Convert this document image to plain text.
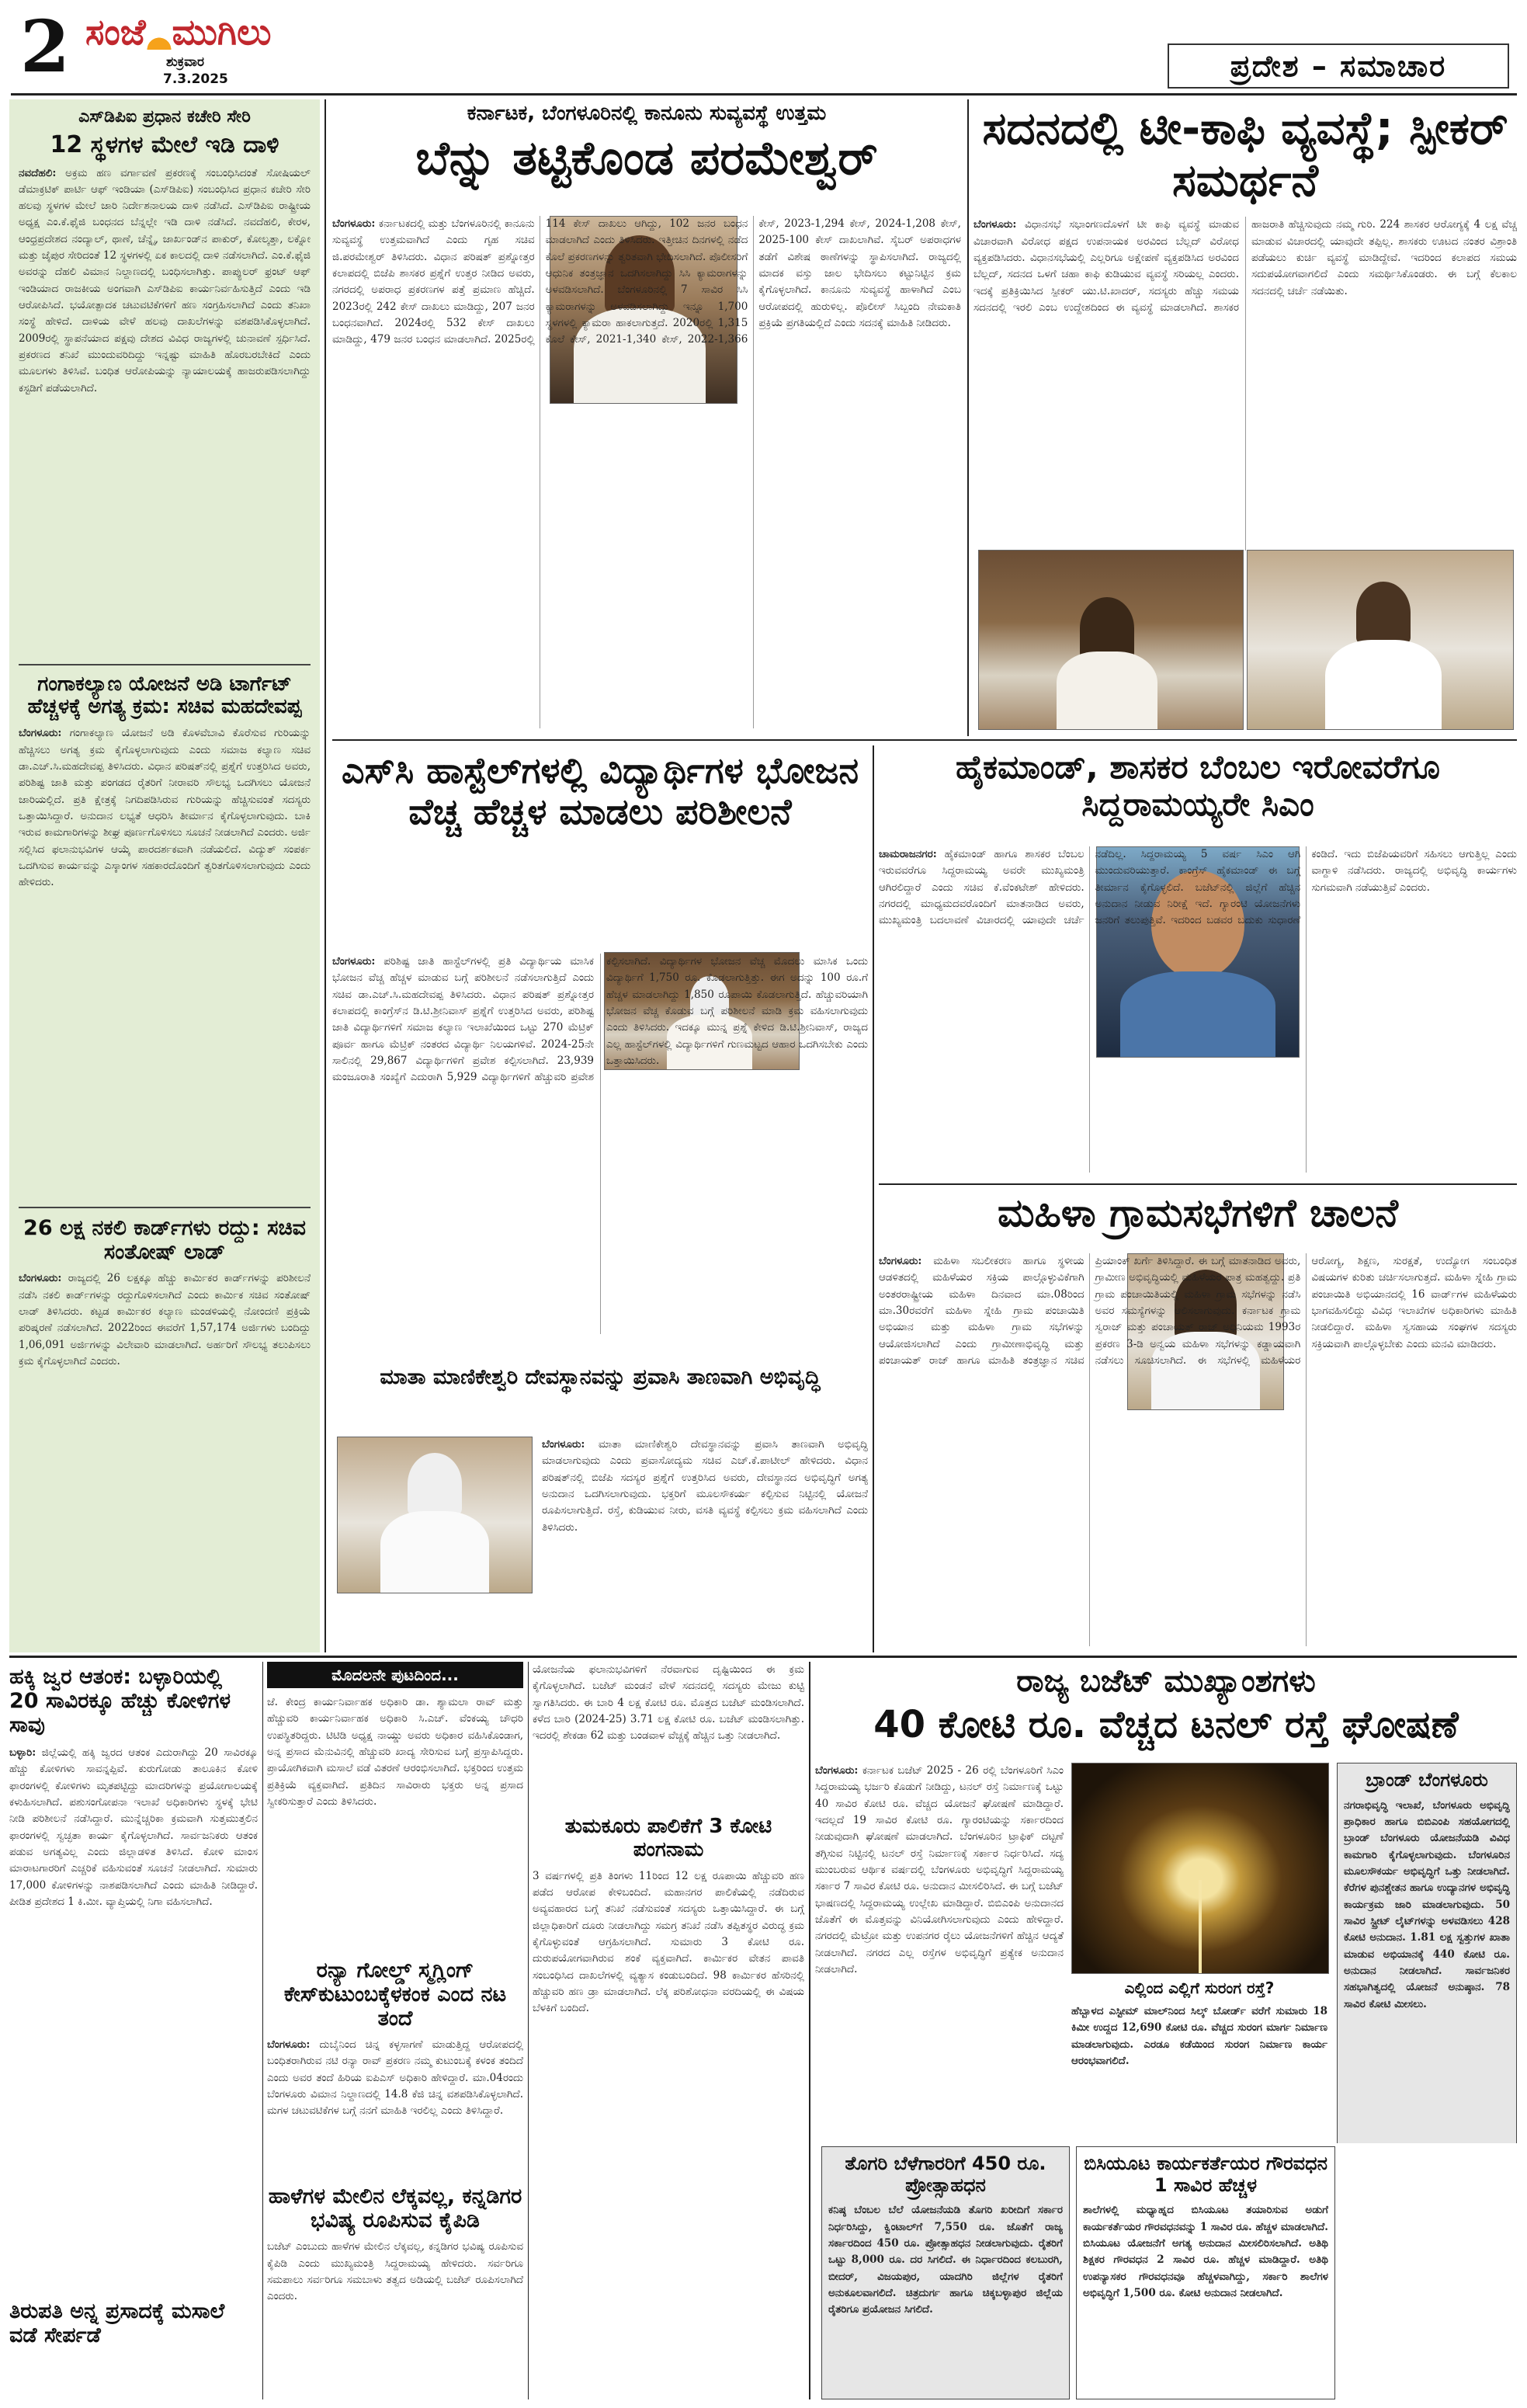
2 ಸಂಜೆ ಮುಗಿಲು
ಶುಕ್ರವಾರ
7.3.2025	ಪ್ರದೇಶ – ಸಮಾಚಾರ
ಎಸ್‌ಡಿಪಿಐ ಪ್ರಧಾನ ಕಚೇರಿ ಸೇರಿ
12 ಸ್ಥಳಗಳ ಮೇಲೆ ಇಡಿ ದಾಳಿ
ನವದೆಹಲಿ: ಅಕ್ರಮ ಹಣ ವರ್ಗಾವಣೆ ಪ್ರಕರಣಕ್ಕೆ ಸಂಬಂಧಿಸಿದಂತೆ ಸೋಷಿಯಲ್ ಡೆಮಾಕ್ರಟಿಕ್ ಪಾರ್ಟಿ ಆಫ್ ಇಂಡಿಯಾ (ಎಸ್‌ಡಿಪಿಐ) ಸಂಬಂಧಿಸಿದ ಪ್ರಧಾನ ಕಚೇರಿ ಸೇರಿ ಹಲವು ಸ್ಥಳಗಳ ಮೇಲೆ ಜಾರಿ ನಿರ್ದೇಶನಾಲಯ ದಾಳಿ ನಡೆಸಿದೆ. ಎಸ್‌ಡಿಪಿಐ ರಾಷ್ಟ್ರೀಯ ಅಧ್ಯಕ್ಷ ಎಂ.ಕೆ.ಫೈಜಿ ಬಂಧನದ ಬೆನ್ನಲ್ಲೇ ಇಡಿ ದಾಳಿ ನಡೆಸಿದೆ. ನವದೆಹಲಿ, ಕೇರಳ, ಆಂಧ್ರಪ್ರದೇಶದ ನಂದ್ಯಾಲ್, ಥಾಣೆ, ಚೆನ್ನೈ, ಜಾರ್ಖಂಡ್‌ನ ಪಾಕುರ್, ಕೋಲ್ಕತ್ತಾ, ಲಕ್ನೋ ಮತ್ತು ಜೈಪುರ ಸೇರಿದಂತೆ 12 ಸ್ಥಳಗಳಲ್ಲಿ ಏಕ ಕಾಲದಲ್ಲಿ ದಾಳಿ ನಡೆಸಲಾಗಿದೆ. ಎಂ.ಕೆ.ಫೈಜಿ ಅವರನ್ನು ದೆಹಲಿ ವಿಮಾನ ನಿಲ್ದಾಣದಲ್ಲಿ ಬಂಧಿಸಲಾಗಿತ್ತು. ಪಾಪ್ಯುಲರ್ ಫ್ರಂಟ್ ಆಫ್ ಇಂಡಿಯಾದ ರಾಜಕೀಯ ಅಂಗವಾಗಿ ಎಸ್‌ಡಿಪಿಐ ಕಾರ್ಯನಿರ್ವಹಿಸುತ್ತಿದೆ ಎಂದು ಇಡಿ ಆರೋಪಿಸಿದೆ. ಭಯೋತ್ಪಾದಕ ಚಟುವಟಿಕೆಗಳಿಗೆ ಹಣ ಸಂಗ್ರಹಿಸಲಾಗಿದೆ ಎಂದು ತನಿಖಾ ಸಂಸ್ಥೆ ಹೇಳಿದೆ. ದಾಳಿಯ ವೇಳೆ ಹಲವು ದಾಖಲೆಗಳನ್ನು ವಶಪಡಿಸಿಕೊಳ್ಳಲಾಗಿದೆ. 2009ರಲ್ಲಿ ಸ್ಥಾಪನೆಯಾದ ಪಕ್ಷವು ದೇಶದ ವಿವಿಧ ರಾಜ್ಯಗಳಲ್ಲಿ ಚುನಾವಣೆ ಸ್ಪರ್ಧಿಸಿದೆ. ಪ್ರಕರಣದ ತನಿಖೆ ಮುಂದುವರಿದಿದ್ದು ಇನ್ನಷ್ಟು ಮಾಹಿತಿ ಹೊರಬರಬೇಕಿದೆ ಎಂದು ಮೂಲಗಳು ತಿಳಿಸಿವೆ. ಬಂಧಿತ ಆರೋಪಿಯನ್ನು ನ್ಯಾಯಾಲಯಕ್ಕೆ ಹಾಜರುಪಡಿಸಲಾಗಿದ್ದು ಕಸ್ಟಡಿಗೆ ಪಡೆಯಲಾಗಿದೆ.
ಗಂಗಾಕಲ್ಯಾಣ ಯೋಜನೆ ಅಡಿ ಟಾರ್ಗೆಟ್ ಹೆಚ್ಚಳಕ್ಕೆ ಅಗತ್ಯ ಕ್ರಮ: ಸಚಿವ ಮಹದೇವಪ್ಪ
ಬೆಂಗಳೂರು: ಗಂಗಾಕಲ್ಯಾಣ ಯೋಜನೆ ಅಡಿ ಕೊಳವೆಬಾವಿ ಕೊರೆಸುವ ಗುರಿಯನ್ನು ಹೆಚ್ಚಿಸಲು ಅಗತ್ಯ ಕ್ರಮ ಕೈಗೊಳ್ಳಲಾಗುವುದು ಎಂದು ಸಮಾಜ ಕಲ್ಯಾಣ ಸಚಿವ ಡಾ.ಎಚ್.ಸಿ.ಮಹದೇವಪ್ಪ ತಿಳಿಸಿದರು. ವಿಧಾನ ಪರಿಷತ್‌ನಲ್ಲಿ ಪ್ರಶ್ನೆಗೆ ಉತ್ತರಿಸಿದ ಅವರು, ಪರಿಶಿಷ್ಟ ಜಾತಿ ಮತ್ತು ಪಂಗಡದ ರೈತರಿಗೆ ನೀರಾವರಿ ಸೌಲಭ್ಯ ಒದಗಿಸಲು ಯೋಜನೆ ಜಾರಿಯಲ್ಲಿದೆ. ಪ್ರತಿ ಕ್ಷೇತ್ರಕ್ಕೆ ನಿಗದಿಪಡಿಸಿರುವ ಗುರಿಯನ್ನು ಹೆಚ್ಚಿಸುವಂತೆ ಸದಸ್ಯರು ಒತ್ತಾಯಿಸಿದ್ದಾರೆ. ಅನುದಾನ ಲಭ್ಯತೆ ಆಧರಿಸಿ ತೀರ್ಮಾನ ಕೈಗೊಳ್ಳಲಾಗುವುದು. ಬಾಕಿ ಇರುವ ಕಾಮಗಾರಿಗಳನ್ನು ಶೀಘ್ರ ಪೂರ್ಣಗೊಳಿಸಲು ಸೂಚನೆ ನೀಡಲಾಗಿದೆ ಎಂದರು. ಅರ್ಜಿ ಸಲ್ಲಿಸಿದ ಫಲಾನುಭವಿಗಳ ಆಯ್ಕೆ ಪಾರದರ್ಶಕವಾಗಿ ನಡೆಯಲಿದೆ. ವಿದ್ಯುತ್ ಸಂಪರ್ಕ ಒದಗಿಸುವ ಕಾರ್ಯವನ್ನು ಎಸ್ಕಾಂಗಳ ಸಹಕಾರದೊಂದಿಗೆ ತ್ವರಿತಗೊಳಿಸಲಾಗುವುದು ಎಂದು ಹೇಳಿದರು.
26 ಲಕ್ಷ ನಕಲಿ ಕಾರ್ಡ್‌ಗಳು ರದ್ದು: ಸಚಿವ ಸಂತೋಷ್ ಲಾಡ್
ಬೆಂಗಳೂರು: ರಾಜ್ಯದಲ್ಲಿ 26 ಲಕ್ಷಕ್ಕೂ ಹೆಚ್ಚು ಕಾರ್ಮಿಕರ ಕಾರ್ಡ್‌ಗಳನ್ನು ಪರಿಶೀಲನೆ ನಡೆಸಿ ನಕಲಿ ಕಾರ್ಡ್‌ಗಳನ್ನು ರದ್ದುಗೊಳಿಸಲಾಗಿದೆ ಎಂದು ಕಾರ್ಮಿಕ ಸಚಿವ ಸಂತೋಷ್ ಲಾಡ್ ತಿಳಿಸಿದರು. ಕಟ್ಟಡ ಕಾರ್ಮಿಕರ ಕಲ್ಯಾಣ ಮಂಡಳಿಯಲ್ಲಿ ನೋಂದಣಿ ಪ್ರಕ್ರಿಯೆ ಪರಿಷ್ಕರಣೆ ನಡೆಸಲಾಗಿದೆ. 2022ರಿಂದ ಈವರೆಗೆ 1,57,174 ಅರ್ಜಿಗಳು ಬಂದಿದ್ದು 1,06,091 ಅರ್ಜಿಗಳನ್ನು ವಿಲೇವಾರಿ ಮಾಡಲಾಗಿದೆ. ಅರ್ಹರಿಗೆ ಸೌಲಭ್ಯ ತಲುಪಿಸಲು ಕ್ರಮ ಕೈಗೊಳ್ಳಲಾಗಿದೆ ಎಂದರು.
ಕರ್ನಾಟಕ, ಬೆಂಗಳೂರಿನಲ್ಲಿ ಕಾನೂನು ಸುವ್ಯವಸ್ಥೆ ಉತ್ತಮ
ಬೆನ್ನು ತಟ್ಟಿಕೊಂಡ ಪರಮೇಶ್ವರ್
ಬೆಂಗಳೂರು: ಕರ್ನಾಟಕದಲ್ಲಿ ಮತ್ತು ಬೆಂಗಳೂರಿನಲ್ಲಿ ಕಾನೂನು ಸುವ್ಯವಸ್ಥೆ ಉತ್ತಮವಾಗಿದೆ ಎಂದು ಗೃಹ ಸಚಿವ ಜಿ.ಪರಮೇಶ್ವರ್ ತಿಳಿಸಿದರು. ವಿಧಾನ ಪರಿಷತ್ ಪ್ರಶ್ನೋತ್ತರ ಕಲಾಪದಲ್ಲಿ ಬಿಜೆಪಿ ಶಾಸಕರ ಪ್ರಶ್ನೆಗೆ ಉತ್ತರ ನೀಡಿದ ಅವರು, ನಗರದಲ್ಲಿ ಅಪರಾಧ ಪ್ರಕರಣಗಳ ಪತ್ತೆ ಪ್ರಮಾಣ ಹೆಚ್ಚಿದೆ. 2023ರಲ್ಲಿ 242 ಕೇಸ್ ದಾಖಲು ಮಾಡಿದ್ದು, 207 ಜನರ ಬಂಧನವಾಗಿದೆ. 2024ರಲ್ಲಿ 532 ಕೇಸ್ ದಾಖಲು ಮಾಡಿದ್ದು, 479 ಜನರ ಬಂಧನ ಮಾಡಲಾಗಿದೆ. 2025ರಲ್ಲಿ 114 ಕೇಸ್ ದಾಖಲು ಆಗಿದ್ದು, 102 ಜನರ ಬಂಧನ ಮಾಡಲಾಗಿದೆ ಎಂದು ತಿಳಿಸಿದರು. ಇತ್ತೀಚಿನ ದಿನಗಳಲ್ಲಿ ನಡೆದ ಕೊಲೆ ಪ್ರಕರಣಗಳನ್ನು ತ್ವರಿತವಾಗಿ ಭೇದಿಸಲಾಗಿದೆ. ಪೊಲೀಸರಿಗೆ ಆಧುನಿಕ ತಂತ್ರಜ್ಞಾನ ಒದಗಿಸಲಾಗಿದ್ದು ಸಿಸಿ ಕ್ಯಾಮರಾಗಳನ್ನು ಅಳವಡಿಸಲಾಗಿದೆ. ಬೆಂಗಳೂರಿನಲ್ಲಿ 7 ಸಾವಿರ ಸಿಸಿ ಕ್ಯಾಮರಾಗಳನ್ನು ಅಳವಡಿಸಲಾಗಿದ್ದು ಇನ್ನೂ 1,700 ಸ್ಥಳಗಳಲ್ಲಿ ಕ್ಯಾಮರಾ ಹಾಕಲಾಗುತ್ತದೆ. 2020ರಲ್ಲಿ 1,315 ಕೊಲೆ ಕೇಸ್, 2021-1,340 ಕೇಸ್, 2022-1,366 ಕೇಸ್, 2023-1,294 ಕೇಸ್, 2024-1,208 ಕೇಸ್, 2025-100 ಕೇಸ್ ದಾಖಲಾಗಿವೆ. ಸೈಬರ್ ಅಪರಾಧಗಳ ತಡೆಗೆ ವಿಶೇಷ ಠಾಣೆಗಳನ್ನು ಸ್ಥಾಪಿಸಲಾಗಿದೆ. ರಾಜ್ಯದಲ್ಲಿ ಮಾದಕ ವಸ್ತು ಜಾಲ ಭೇದಿಸಲು ಕಟ್ಟುನಿಟ್ಟಿನ ಕ್ರಮ ಕೈಗೊಳ್ಳಲಾಗಿದೆ. ಕಾನೂನು ಸುವ್ಯವಸ್ಥೆ ಹಾಳಾಗಿದೆ ಎಂಬ ಆರೋಪದಲ್ಲಿ ಹುರುಳಿಲ್ಲ. ಪೊಲೀಸ್ ಸಿಬ್ಬಂದಿ ನೇಮಕಾತಿ ಪ್ರಕ್ರಿಯೆ ಪ್ರಗತಿಯಲ್ಲಿದೆ ಎಂದು ಸದನಕ್ಕೆ ಮಾಹಿತಿ ನೀಡಿದರು.
ಸದನದಲ್ಲಿ ಟೀ-ಕಾಫಿ ವ್ಯವಸ್ಥೆ; ಸ್ಪೀಕರ್ ಸಮರ್ಥನೆ
ಬೆಂಗಳೂರು: ವಿಧಾನಸಭೆ ಸಭಾಂಗಣದೊಳಗೆ ಟೀ ಕಾಫಿ ವ್ಯವಸ್ಥೆ ಮಾಡುವ ವಿಚಾರವಾಗಿ ವಿರೋಧ ಪಕ್ಷದ ಉಪನಾಯಕ ಅರವಿಂದ ಬೆಲ್ಲದ್ ವಿರೋಧ ವ್ಯಕ್ತಪಡಿಸಿದರು. ವಿಧಾನಸಭೆಯಲ್ಲಿ ಎಲ್ಲರಿಗೂ ಅಕ್ಷೇಪಣೆ ವ್ಯಕ್ತಪಡಿಸಿದ ಅರವಿಂದ ಬೆಲ್ಲದ್, ಸದನದ ಒಳಗೆ ಚಹಾ ಕಾಫಿ ಕುಡಿಯುವ ವ್ಯವಸ್ಥೆ ಸರಿಯಲ್ಲ ಎಂದರು. ಇದಕ್ಕೆ ಪ್ರತಿಕ್ರಿಯಿಸಿದ ಸ್ಪೀಕರ್ ಯು.ಟಿ.ಖಾದರ್, ಸದಸ್ಯರು ಹೆಚ್ಚು ಸಮಯ ಸದನದಲ್ಲಿ ಇರಲಿ ಎಂಬ ಉದ್ದೇಶದಿಂದ ಈ ವ್ಯವಸ್ಥೆ ಮಾಡಲಾಗಿದೆ. ಶಾಸಕರ ಹಾಜರಾತಿ ಹೆಚ್ಚಿಸುವುದು ನಮ್ಮ ಗುರಿ. 224 ಶಾಸಕರ ಆರೋಗ್ಯಕ್ಕೆ 4 ಲಕ್ಷ ವೆಚ್ಚ ಮಾಡುವ ವಿಚಾರದಲ್ಲಿ ಯಾವುದೇ ತಪ್ಪಿಲ್ಲ. ಶಾಸಕರು ಊಟದ ನಂತರ ವಿಶ್ರಾಂತಿ ಪಡೆಯಲು ಕುರ್ಚಿ ವ್ಯವಸ್ಥೆ ಮಾಡಿದ್ದೇವೆ. ಇದರಿಂದ ಕಲಾಪದ ಸಮಯ ಸದುಪಯೋಗವಾಗಲಿದೆ ಎಂದು ಸಮರ್ಥಿಸಿಕೊಂಡರು. ಈ ಬಗ್ಗೆ ಕೆಲಕಾಲ ಸದನದಲ್ಲಿ ಚರ್ಚೆ ನಡೆಯಿತು.
ಎಸ್‌ಸಿ ಹಾಸ್ಟೆಲ್‌ಗಳಲ್ಲಿ ವಿದ್ಯಾರ್ಥಿಗಳ ಭೋಜನ ವೆಚ್ಚ ಹೆಚ್ಚಳ ಮಾಡಲು ಪರಿಶೀಲನೆ
ಬೆಂಗಳೂರು: ಪರಿಶಿಷ್ಟ ಜಾತಿ ಹಾಸ್ಟೆಲ್‌ಗಳಲ್ಲಿ ಪ್ರತಿ ವಿದ್ಯಾರ್ಥಿಯ ಮಾಸಿಕ ಭೋಜನ ವೆಚ್ಚ ಹೆಚ್ಚಳ ಮಾಡುವ ಬಗ್ಗೆ ಪರಿಶೀಲನೆ ನಡೆಸಲಾಗುತ್ತಿದೆ ಎಂದು ಸಚಿವ ಡಾ.ಎಚ್.ಸಿ.ಮಹದೇವಪ್ಪ ತಿಳಿಸಿದರು. ವಿಧಾನ ಪರಿಷತ್ ಪ್ರಶ್ನೋತ್ತರ ಕಲಾಪದಲ್ಲಿ ಕಾಂಗ್ರೆಸ್‌ನ ಡಿ.ಟಿ.ಶ್ರೀನಿವಾಸ್ ಪ್ರಶ್ನೆಗೆ ಉತ್ತರಿಸಿದ ಅವರು, ಪರಿಶಿಷ್ಟ ಜಾತಿ ವಿದ್ಯಾರ್ಥಿಗಳಿಗೆ ಸಮಾಜ ಕಲ್ಯಾಣ ಇಲಾಖೆಯಿಂದ ಒಟ್ಟು 270 ಮೆಟ್ರಿಕ್ ಪೂರ್ವ ಹಾಗೂ ಮೆಟ್ರಿಕ್ ನಂತರದ ವಿದ್ಯಾರ್ಥಿ ನಿಲಯಗಳಿವೆ. 2024-25ನೇ ಸಾಲಿನಲ್ಲಿ 29,867 ವಿದ್ಯಾರ್ಥಿಗಳಿಗೆ ಪ್ರವೇಶ ಕಲ್ಪಿಸಲಾಗಿದೆ. 23,939 ಮಂಜೂರಾತಿ ಸಂಖ್ಯೆಗೆ ಎದುರಾಗಿ 5,929 ವಿದ್ಯಾರ್ಥಿಗಳಿಗೆ ಹೆಚ್ಚುವರಿ ಪ್ರವೇಶ ಕಲ್ಪಿಸಲಾಗಿದೆ. ವಿದ್ಯಾರ್ಥಿಗಳ ಭೋಜನ ವೆಚ್ಚ ಮೊದಲು ಮಾಸಿಕ ಒಂದು ವಿದ್ಯಾರ್ಥಿಗೆ 1,750 ರೂ. ಕೊಡಲಾಗುತ್ತಿತ್ತು. ಈಗ ಅದನ್ನು 100 ರೂ.ಗೆ ಹೆಚ್ಚಳ ಮಾಡಲಾಗಿದ್ದು 1,850 ರೂಪಾಯಿ ಕೊಡಲಾಗುತ್ತಿದೆ. ಹೆಚ್ಚುವರಿಯಾಗಿ ಭೋಜನ ವೆಚ್ಚ ಕೊಡುವ ಬಗ್ಗೆ ಪರಿಶೀಲನೆ ಮಾಡಿ ಕ್ರಮ ವಹಿಸಲಾಗುವುದು ಎಂದು ತಿಳಿಸಿದರು. ಇದಕ್ಕೂ ಮುನ್ನ ಪ್ರಶ್ನೆ ಕೇಳಿದ ಡಿ.ಟಿ.ಶ್ರೀನಿವಾಸ್, ರಾಜ್ಯದ ಎಲ್ಲ ಹಾಸ್ಟೆಲ್‌ಗಳಲ್ಲಿ ವಿದ್ಯಾರ್ಥಿಗಳಿಗೆ ಗುಣಮಟ್ಟದ ಆಹಾರ ಒದಗಿಸಬೇಕು ಎಂದು ಒತ್ತಾಯಿಸಿದರು.
ಮಾತಾ ಮಾಣಿಕೇಶ್ವರಿ ದೇವಸ್ಥಾನವನ್ನು ಪ್ರವಾಸಿ ತಾಣವಾಗಿ ಅಭಿವೃದ್ಧಿ
ಬೆಂಗಳೂರು: ಮಾತಾ ಮಾಣಿಕೇಶ್ವರಿ ದೇವಸ್ಥಾನವನ್ನು ಪ್ರವಾಸಿ ತಾಣವಾಗಿ ಅಭಿವೃದ್ಧಿ ಮಾಡಲಾಗುವುದು ಎಂದು ಪ್ರವಾಸೋದ್ಯಮ ಸಚಿವ ಎಚ್.ಕೆ.ಪಾಟೀಲ್ ಹೇಳಿದರು. ವಿಧಾನ ಪರಿಷತ್‌ನಲ್ಲಿ ಬಿಜೆಪಿ ಸದಸ್ಯರ ಪ್ರಶ್ನೆಗೆ ಉತ್ತರಿಸಿದ ಅವರು, ದೇವಸ್ಥಾನದ ಅಭಿವೃದ್ಧಿಗೆ ಅಗತ್ಯ ಅನುದಾನ ಒದಗಿಸಲಾಗುವುದು. ಭಕ್ತರಿಗೆ ಮೂಲಸೌಕರ್ಯ ಕಲ್ಪಿಸುವ ನಿಟ್ಟಿನಲ್ಲಿ ಯೋಜನೆ ರೂಪಿಸಲಾಗುತ್ತಿದೆ. ರಸ್ತೆ, ಕುಡಿಯುವ ನೀರು, ವಸತಿ ವ್ಯವಸ್ಥೆ ಕಲ್ಪಿಸಲು ಕ್ರಮ ವಹಿಸಲಾಗಿದೆ ಎಂದು ತಿಳಿಸಿದರು.
ಹೈಕಮಾಂಡ್, ಶಾಸಕರ ಬೆಂಬಲ ಇರೋವರೆಗೂ ಸಿದ್ದರಾಮಯ್ಯರೇ ಸಿಎಂ
ಚಾಮರಾಜನಗರ: ಹೈಕಮಾಂಡ್ ಹಾಗೂ ಶಾಸಕರ ಬೆಂಬಲ ಇರುವವರೆಗೂ ಸಿದ್ದರಾಮಯ್ಯ ಅವರೇ ಮುಖ್ಯಮಂತ್ರಿ ಆಗಿರಲಿದ್ದಾರೆ ಎಂದು ಸಚಿವ ಕೆ.ವೆಂಕಟೇಶ್ ಹೇಳಿದರು. ನಗರದಲ್ಲಿ ಮಾಧ್ಯಮದವರೊಂದಿಗೆ ಮಾತನಾಡಿದ ಅವರು, ಮುಖ್ಯಮಂತ್ರಿ ಬದಲಾವಣೆ ವಿಚಾರದಲ್ಲಿ ಯಾವುದೇ ಚರ್ಚೆ ನಡೆದಿಲ್ಲ. ಸಿದ್ದರಾಮಯ್ಯ 5 ವರ್ಷ ಸಿಎಂ ಆಗಿ ಮುಂದುವರಿಯುತ್ತಾರೆ. ಕಾಂಗ್ರೆಸ್ ಹೈಕಮಾಂಡ್ ಈ ಬಗ್ಗೆ ತೀರ್ಮಾನ ಕೈಗೊಳ್ಳಲಿದೆ. ಬಜೆಟ್‌ನಲ್ಲಿ ಜಿಲ್ಲೆಗೆ ಹೆಚ್ಚಿನ ಅನುದಾನ ನೀಡುವ ನಿರೀಕ್ಷೆ ಇದೆ. ಗ್ಯಾರಂಟಿ ಯೋಜನೆಗಳು ಜನರಿಗೆ ತಲುಪುತ್ತಿವೆ. ಇದರಿಂದ ಬಡವರ ಬದುಕು ಸುಧಾರಣೆ ಕಂಡಿದೆ. ಇದು ಬಿಜೆಪಿಯವರಿಗೆ ಸಹಿಸಲು ಆಗುತ್ತಿಲ್ಲ ಎಂದು ವಾಗ್ದಾಳಿ ನಡೆಸಿದರು. ರಾಜ್ಯದಲ್ಲಿ ಅಭಿವೃದ್ಧಿ ಕಾರ್ಯಗಳು ಸುಗಮವಾಗಿ ನಡೆಯುತ್ತಿವೆ ಎಂದರು.
ಮಹಿಳಾ ಗ್ರಾಮಸಭೆಗಳಿಗೆ ಚಾಲನೆ
ಬೆಂಗಳೂರು: ಮಹಿಳಾ ಸಬಲೀಕರಣ ಹಾಗೂ ಸ್ಥಳೀಯ ಆಡಳಿತದಲ್ಲಿ ಮಹಿಳೆಯರ ಸಕ್ರಿಯ ಪಾಲ್ಗೊಳ್ಳುವಿಕೆಗಾಗಿ ಅಂತರರಾಷ್ಟ್ರೀಯ ಮಹಿಳಾ ದಿನವಾದ ಮಾ.08ರಿಂದ ಮಾ.30ರವರೆಗೆ ಮಹಿಳಾ ಸ್ನೇಹಿ ಗ್ರಾಮ ಪಂಚಾಯಿತಿ ಅಭಿಯಾನ ಮತ್ತು ಮಹಿಳಾ ಗ್ರಾಮ ಸಭೆಗಳನ್ನು ಆಯೋಜಿಸಲಾಗಿದೆ ಎಂದು ಗ್ರಾಮೀಣಾಭಿವೃದ್ಧಿ ಮತ್ತು ಪಂಚಾಯತ್ ರಾಜ್ ಹಾಗೂ ಮಾಹಿತಿ ತಂತ್ರಜ್ಞಾನ ಸಚಿವ ಪ್ರಿಯಾಂಕ್ ಖರ್ಗೆ ತಿಳಿಸಿದ್ದಾರೆ. ಈ ಬಗ್ಗೆ ಮಾತನಾಡಿದ ಅವರು, ಗ್ರಾಮೀಣ ಅಭಿವೃದ್ಧಿಯಲ್ಲಿ ಮಹಿಳೆಯರ ಪಾತ್ರ ಮಹತ್ವದ್ದು. ಪ್ರತಿ ಗ್ರಾಮ ಪಂಚಾಯಿತಿಯಲ್ಲಿ ಮಹಿಳಾ ಗ್ರಾಮ ಸಭೆಗಳನ್ನು ನಡೆಸಿ ಅವರ ಸಮಸ್ಯೆಗಳನ್ನು ಆಲಿಸಲಾಗುವುದು. ಕರ್ನಾಟಕ ಗ್ರಾಮ ಸ್ವರಾಜ್ ಮತ್ತು ಪಂಚಾಯತ್ ರಾಜ್ ಅಧಿನಿಯಮ 1993ರ ಪ್ರಕರಣ 3-ಡಿ ಅನ್ವಯ ಮಹಿಳಾ ಸಭೆಗಳನ್ನು ಕಡ್ಡಾಯವಾಗಿ ನಡೆಸಲು ಸೂಚಿಸಲಾಗಿದೆ. ಈ ಸಭೆಗಳಲ್ಲಿ ಮಹಿಳೆಯರ ಆರೋಗ್ಯ, ಶಿಕ್ಷಣ, ಸುರಕ್ಷತೆ, ಉದ್ಯೋಗ ಸಂಬಂಧಿತ ವಿಷಯಗಳ ಕುರಿತು ಚರ್ಚಿಸಲಾಗುತ್ತದೆ. ಮಹಿಳಾ ಸ್ನೇಹಿ ಗ್ರಾಮ ಪಂಚಾಯಿತಿ ಅಭಿಯಾನದಲ್ಲಿ 16 ವಾರ್ಡ್‌ಗಳ ಮಹಿಳೆಯರು ಭಾಗವಹಿಸಲಿದ್ದು ವಿವಿಧ ಇಲಾಖೆಗಳ ಅಧಿಕಾರಿಗಳು ಮಾಹಿತಿ ನೀಡಲಿದ್ದಾರೆ. ಮಹಿಳಾ ಸ್ವಸಹಾಯ ಸಂಘಗಳ ಸದಸ್ಯರು ಸಕ್ರಿಯವಾಗಿ ಪಾಲ್ಗೊಳ್ಳಬೇಕು ಎಂದು ಮನವಿ ಮಾಡಿದರು.
ಹಕ್ಕಿ ಜ್ವರ ಆತಂಕ: ಬಳ್ಳಾರಿಯಲ್ಲಿ 20 ಸಾವಿರಕ್ಕೂ ಹೆಚ್ಚು ಕೋಳಿಗಳ ಸಾವು
ಬಳ್ಳಾರಿ: ಜಿಲ್ಲೆಯಲ್ಲಿ ಹಕ್ಕಿ ಜ್ವರದ ಆತಂಕ ಎದುರಾಗಿದ್ದು 20 ಸಾವಿರಕ್ಕೂ ಹೆಚ್ಚು ಕೋಳಿಗಳು ಸಾವನ್ನಪ್ಪಿವೆ. ಕುರುಗೋಡು ತಾಲೂಕಿನ ಕೋಳಿ ಫಾರಂಗಳಲ್ಲಿ ಕೋಳಿಗಳು ಮೃತಪಟ್ಟಿದ್ದು ಮಾದರಿಗಳನ್ನು ಪ್ರಯೋಗಾಲಯಕ್ಕೆ ಕಳುಹಿಸಲಾಗಿದೆ. ಪಶುಸಂಗೋಪನಾ ಇಲಾಖೆ ಅಧಿಕಾರಿಗಳು ಸ್ಥಳಕ್ಕೆ ಭೇಟಿ ನೀಡಿ ಪರಿಶೀಲನೆ ನಡೆಸಿದ್ದಾರೆ. ಮುನ್ನೆಚ್ಚರಿಕಾ ಕ್ರಮವಾಗಿ ಸುತ್ತಮುತ್ತಲಿನ ಫಾರಂಗಳಲ್ಲಿ ಸ್ವಚ್ಛತಾ ಕಾರ್ಯ ಕೈಗೊಳ್ಳಲಾಗಿದೆ. ಸಾರ್ವಜನಿಕರು ಆತಂಕ ಪಡುವ ಅಗತ್ಯವಿಲ್ಲ ಎಂದು ಜಿಲ್ಲಾಡಳಿತ ತಿಳಿಸಿದೆ. ಕೋಳಿ ಮಾಂಸ ಮಾರಾಟಗಾರರಿಗೆ ಎಚ್ಚರಿಕೆ ವಹಿಸುವಂತೆ ಸೂಚನೆ ನೀಡಲಾಗಿದೆ. ಸುಮಾರು 17,000 ಕೋಳಿಗಳನ್ನು ನಾಶಪಡಿಸಲಾಗಿದೆ ಎಂದು ಮಾಹಿತಿ ನೀಡಿದ್ದಾರೆ. ಪೀಡಿತ ಪ್ರದೇಶದ 1 ಕಿ.ಮೀ. ವ್ಯಾಪ್ತಿಯಲ್ಲಿ ನಿಗಾ ವಹಿಸಲಾಗಿದೆ.
ತಿರುಪತಿ ಅನ್ನ ಪ್ರಸಾದಕ್ಕೆ ಮಸಾಲೆ ವಡೆ ಸೇರ್ಪಡೆ
ಮೊದಲನೇ ಪುಟದಿಂದ...
ಜೆ. ಕೇಂದ್ರ ಕಾರ್ಯನಿರ್ವಾಹಕ ಅಧಿಕಾರಿ ಡಾ. ಶ್ಯಾಮಲಾ ರಾವ್ ಮತ್ತು ಹೆಚ್ಚುವರಿ ಕಾರ್ಯನಿರ್ವಾಹಕ ಅಧಿಕಾರಿ ಸಿ.ಎಚ್. ವೆಂಕಯ್ಯ ಚೌಧರಿ ಉಪಸ್ಥಿತರಿದ್ದರು. ಟಿಟಿಡಿ ಅಧ್ಯಕ್ಷ ನಾಯ್ಡು ಅವರು ಅಧಿಕಾರ ವಹಿಸಿಕೊಂಡಾಗ, ಅನ್ನ ಪ್ರಸಾದ ಮೆನುವಿನಲ್ಲಿ ಹೆಚ್ಚುವರಿ ಖಾದ್ಯ ಸೇರಿಸುವ ಬಗ್ಗೆ ಪ್ರಸ್ತಾಪಿಸಿದ್ದರು. ಪ್ರಾಯೋಗಿಕವಾಗಿ ಮಸಾಲೆ ವಡೆ ವಿತರಣೆ ಆರಂಭಿಸಲಾಗಿದೆ. ಭಕ್ತರಿಂದ ಉತ್ತಮ ಪ್ರತಿಕ್ರಿಯೆ ವ್ಯಕ್ತವಾಗಿದೆ. ಪ್ರತಿದಿನ ಸಾವಿರಾರು ಭಕ್ತರು ಅನ್ನ ಪ್ರಸಾದ ಸ್ವೀಕರಿಸುತ್ತಾರೆ ಎಂದು ತಿಳಿಸಿದರು.
ರನ್ಯಾ ಗೋಲ್ಡ್ ಸ್ಮಗ್ಲಿಂಗ್ ಕೇಸ್‌ಕುಟುಂಬಕ್ಕೆಳಕಂಕ ಎಂದ ನಟ ತಂದೆ
ಬೆಂಗಳೂರು: ದುಬೈನಿಂದ ಚಿನ್ನ ಕಳ್ಳಸಾಗಣೆ ಮಾಡುತ್ತಿದ್ದ ಆರೋಪದಲ್ಲಿ ಬಂಧಿತರಾಗಿರುವ ನಟಿ ರನ್ಯಾ ರಾವ್ ಪ್ರಕರಣ ನಮ್ಮ ಕುಟುಂಬಕ್ಕೆ ಕಳಂಕ ತಂದಿದೆ ಎಂದು ಅವರ ತಂದೆ ಹಿರಿಯ ಐಪಿಎಸ್ ಅಧಿಕಾರಿ ಹೇಳಿದ್ದಾರೆ. ಮಾ.04ರಂದು ಬೆಂಗಳೂರು ವಿಮಾನ ನಿಲ್ದಾಣದಲ್ಲಿ 14.8 ಕೆಜಿ ಚಿನ್ನ ವಶಪಡಿಸಿಕೊಳ್ಳಲಾಗಿದೆ. ಮಗಳ ಚಟುವಟಿಕೆಗಳ ಬಗ್ಗೆ ನನಗೆ ಮಾಹಿತಿ ಇರಲಿಲ್ಲ ಎಂದು ತಿಳಿಸಿದ್ದಾರೆ.
ಹಾಳೆಗಳ ಮೇಲಿನ ಲೆಕ್ಕವಲ್ಲ, ಕನ್ನಡಿಗರ ಭವಿಷ್ಯ ರೂಪಿಸುವ ಕೈಪಿಡಿ
ಬಜೆಟ್ ಎಂಬುದು ಹಾಳೆಗಳ ಮೇಲಿನ ಲೆಕ್ಕವಲ್ಲ, ಕನ್ನಡಿಗರ ಭವಿಷ್ಯ ರೂಪಿಸುವ ಕೈಪಿಡಿ ಎಂದು ಮುಖ್ಯಮಂತ್ರಿ ಸಿದ್ದರಾಮಯ್ಯ ಹೇಳಿದರು. ಸರ್ವರಿಗೂ ಸಮಪಾಲು ಸರ್ವರಿಗೂ ಸಮಬಾಳು ತತ್ವದ ಅಡಿಯಲ್ಲಿ ಬಜೆಟ್ ರೂಪಿಸಲಾಗಿದೆ ಎಂದರು.
ಯೋಜನೆಯ ಫಲಾನುಭವಿಗಳಿಗೆ ನೆರವಾಗುವ ದೃಷ್ಟಿಯಿಂದ ಈ ಕ್ರಮ ಕೈಗೊಳ್ಳಲಾಗಿದೆ. ಬಜೆಟ್ ಮಂಡನೆ ವೇಳೆ ಸದನದಲ್ಲಿ ಸದಸ್ಯರು ಮೇಜು ಕುಟ್ಟಿ ಸ್ವಾಗತಿಸಿದರು. ಈ ಬಾರಿ 4 ಲಕ್ಷ ಕೋಟಿ ರೂ. ಮೊತ್ತದ ಬಜೆಟ್ ಮಂಡಿಸಲಾಗಿದೆ. ಕಳೆದ ಬಾರಿ (2024-25) 3.71 ಲಕ್ಷ ಕೋಟಿ ರೂ. ಬಜೆಟ್ ಮಂಡಿಸಲಾಗಿತ್ತು. ಇದರಲ್ಲಿ ಶೇಕಡಾ 62 ಮತ್ತು ಬಂಡವಾಳ ವೆಚ್ಚಕ್ಕೆ ಹೆಚ್ಚಿನ ಒತ್ತು ನೀಡಲಾಗಿದೆ.
ತುಮಕೂರು ಪಾಲಿಕೆಗೆ 3 ಕೋಟಿ ಪಂಗನಾಮ
3 ವರ್ಷಗಳಲ್ಲಿ ಪ್ರತಿ ತಿಂಗಳು 11ರಿಂದ 12 ಲಕ್ಷ ರೂಪಾಯಿ ಹೆಚ್ಚುವರಿ ಹಣ ಪಡೆದ ಆರೋಪ ಕೇಳಿಬಂದಿದೆ. ಮಹಾನಗರ ಪಾಲಿಕೆಯಲ್ಲಿ ನಡೆದಿರುವ ಅವ್ಯವಹಾರದ ಬಗ್ಗೆ ತನಿಖೆ ನಡೆಸುವಂತೆ ಸದಸ್ಯರು ಒತ್ತಾಯಿಸಿದ್ದಾರೆ. ಈ ಬಗ್ಗೆ ಜಿಲ್ಲಾಧಿಕಾರಿಗೆ ದೂರು ನೀಡಲಾಗಿದ್ದು ಸಮಗ್ರ ತನಿಖೆ ನಡೆಸಿ ತಪ್ಪಿತಸ್ಥರ ವಿರುದ್ಧ ಕ್ರಮ ಕೈಗೊಳ್ಳುವಂತೆ ಆಗ್ರಹಿಸಲಾಗಿದೆ. ಸುಮಾರು 3 ಕೋಟಿ ರೂ. ದುರುಪಯೋಗವಾಗಿರುವ ಶಂಕೆ ವ್ಯಕ್ತವಾಗಿದೆ. ಕಾರ್ಮಿಕರ ವೇತನ ಪಾವತಿ ಸಂಬಂಧಿಸಿದ ದಾಖಲೆಗಳಲ್ಲಿ ವ್ಯತ್ಯಾಸ ಕಂಡುಬಂದಿದೆ. 98 ಕಾರ್ಮಿಕರ ಹೆಸರಿನಲ್ಲಿ ಹೆಚ್ಚುವರಿ ಹಣ ಡ್ರಾ ಮಾಡಲಾಗಿದೆ. ಲೆಕ್ಕ ಪರಿಶೋಧನಾ ವರದಿಯಲ್ಲಿ ಈ ವಿಷಯ ಬೆಳಕಿಗೆ ಬಂದಿದೆ.
ರಾಜ್ಯ ಬಜೆಟ್ ಮುಖ್ಯಾಂಶಗಳು
40 ಕೋಟಿ ರೂ. ವೆಚ್ಚದ ಟನಲ್ ರಸ್ತೆ ಘೋಷಣೆ
ಬೆಂಗಳೂರು: ಕರ್ನಾಟಕ ಬಜೆಟ್ 2025 - 26 ರಲ್ಲಿ ಬೆಂಗಳೂರಿಗೆ ಸಿಎಂ ಸಿದ್ದರಾಮಯ್ಯ ಭರ್ಜರಿ ಕೊಡುಗೆ ನೀಡಿದ್ದು, ಟನಲ್ ರಸ್ತೆ ನಿರ್ಮಾಣಕ್ಕೆ ಒಟ್ಟು 40 ಸಾವಿರ ಕೋಟಿ ರೂ. ವೆಚ್ಚದ ಯೋಜನೆ ಘೋಷಣೆ ಮಾಡಿದ್ದಾರೆ. ಇದಲ್ಲದೆ 19 ಸಾವಿರ ಕೋಟಿ ರೂ. ಗ್ಯಾರಂಟಿಯನ್ನು ಸರ್ಕಾರದಿಂದ ನೀಡುವುದಾಗಿ ಘೋಷಣೆ ಮಾಡಲಾಗಿದೆ. ಬೆಂಗಳೂರಿನ ಟ್ರಾಫಿಕ್ ದಟ್ಟಣೆ ತಗ್ಗಿಸುವ ನಿಟ್ಟಿನಲ್ಲಿ ಟನಲ್ ರಸ್ತೆ ನಿರ್ಮಾಣಕ್ಕೆ ಸರ್ಕಾರ ನಿರ್ಧರಿಸಿದೆ. ಸದ್ಯ ಮುಂಬರುವ ಆರ್ಥಿಕ ವರ್ಷದಲ್ಲಿ ಬೆಂಗಳೂರು ಅಭಿವೃದ್ಧಿಗೆ ಸಿದ್ದರಾಮಯ್ಯ ಸರ್ಕಾರ 7 ಸಾವಿರ ಕೋಟಿ ರೂ. ಅನುದಾನ ಮೀಸಲಿರಿಸಿದೆ. ಈ ಬಗ್ಗೆ ಬಜೆಟ್ ಭಾಷಣದಲ್ಲಿ ಸಿದ್ದರಾಮಯ್ಯ ಉಲ್ಲೇಖ ಮಾಡಿದ್ದಾರೆ. ಬಿಬಿಎಂಪಿ ಅನುದಾನದ ಜೊತೆಗೆ ಈ ಮೊತ್ತವನ್ನು ವಿನಿಯೋಗಿಸಲಾಗುವುದು ಎಂದು ಹೇಳಿದ್ದಾರೆ. ನಗರದಲ್ಲಿ ಮೆಟ್ರೋ ಮತ್ತು ಉಪನಗರ ರೈಲು ಯೋಜನೆಗಳಿಗೆ ಹೆಚ್ಚಿನ ಆದ್ಯತೆ ನೀಡಲಾಗಿದೆ. ನಗರದ ಎಲ್ಲ ರಸ್ತೆಗಳ ಅಭಿವೃದ್ಧಿಗೆ ಪ್ರತ್ಯೇಕ ಅನುದಾನ ನೀಡಲಾಗಿದೆ.
ಎಲ್ಲಿಂದ ಎಲ್ಲಿಗೆ ಸುರಂಗ ರಸ್ತೆ?
ಹೆಬ್ಬಾಳದ ಎಸ್ಟೀಮ್ ಮಾಲ್‌ನಿಂದ ಸಿಲ್ಕ್ ಬೋರ್ಡ್ ವರೆಗೆ ಸುಮಾರು 18 ಕಿಮೀ ಉದ್ದದ 12,690 ಕೋಟಿ ರೂ. ವೆಚ್ಚದ ಸುರಂಗ ಮಾರ್ಗ ನಿರ್ಮಾಣ ಮಾಡಲಾಗುವುದು. ಎರಡೂ ಕಡೆಯಿಂದ ಸುರಂಗ ನಿರ್ಮಾಣ ಕಾರ್ಯ ಆರಂಭವಾಗಲಿದೆ.
ಬ್ರಾಂಡ್ ಬೆಂಗಳೂರು
ನಗರಾಭಿವೃದ್ಧಿ ಇಲಾಖೆ, ಬೆಂಗಳೂರು ಅಭಿವೃದ್ಧಿ ಪ್ರಾಧಿಕಾರ ಹಾಗೂ ಬಿಬಿಎಂಪಿ ಸಹಯೋಗದಲ್ಲಿ ಬ್ರಾಂಡ್ ಬೆಂಗಳೂರು ಯೋಜನೆಯಡಿ ವಿವಿಧ ಕಾಮಗಾರಿ ಕೈಗೊಳ್ಳಲಾಗುವುದು. ಬೆಂಗಳೂರಿನ ಮೂಲಸೌಕರ್ಯ ಅಭಿವೃದ್ಧಿಗೆ ಒತ್ತು ನೀಡಲಾಗಿದೆ. ಕೆರೆಗಳ ಪುನಶ್ಚೇತನ ಹಾಗೂ ಉದ್ಯಾನಗಳ ಅಭಿವೃದ್ಧಿ ಕಾರ್ಯಕ್ರಮ ಜಾರಿ ಮಾಡಲಾಗುವುದು. 50 ಸಾವಿರ ಸ್ಟ್ರೀಟ್ ಲೈಟ್‌ಗಳನ್ನು ಅಳವಡಿಸಲು 428 ಕೋಟಿ ಅನುದಾನ. 1.81 ಲಕ್ಷ ಸ್ವತ್ತುಗಳ ಖಾತಾ ಮಾಡುವ ಅಭಿಯಾನಕ್ಕೆ 440 ಕೋಟಿ ರೂ. ಅನುದಾನ ನೀಡಲಾಗಿದೆ. ಸಾರ್ವಜನಿಕರ ಸಹಭಾಗಿತ್ವದಲ್ಲಿ ಯೋಜನೆ ಅನುಷ್ಠಾನ. 78 ಸಾವಿರ ಕೋಟಿ ಮೀಸಲು.
ತೊಗರಿ ಬೆಳೆಗಾರರಿಗೆ 450 ರೂ. ಪ್ರೋತ್ಸಾಹಧನ
ಕನಿಷ್ಠ ಬೆಂಬಲ ಬೆಲೆ ಯೋಜನೆಯಡಿ ತೊಗರಿ ಖರೀದಿಗೆ ಸರ್ಕಾರ ನಿರ್ಧರಿಸಿದ್ದು, ಕ್ವಿಂಟಾಲ್‌ಗೆ 7,550 ರೂ. ಜೊತೆಗೆ ರಾಜ್ಯ ಸರ್ಕಾರದಿಂದ 450 ರೂ. ಪ್ರೋತ್ಸಾಹಧನ ನೀಡಲಾಗುವುದು. ರೈತರಿಗೆ ಒಟ್ಟು 8,000 ರೂ. ದರ ಸಿಗಲಿದೆ. ಈ ನಿರ್ಧಾರದಿಂದ ಕಲಬುರಗಿ, ಬೀದರ್, ವಿಜಯಪುರ, ಯಾದಗಿರಿ ಜಿಲ್ಲೆಗಳ ರೈತರಿಗೆ ಅನುಕೂಲವಾಗಲಿದೆ. ಚಿತ್ರದುರ್ಗ ಹಾಗೂ ಚಿಕ್ಕಬಳ್ಳಾಪುರ ಜಿಲ್ಲೆಯ ರೈತರಿಗೂ ಪ್ರಯೋಜನ ಸಿಗಲಿದೆ.
ಬಿಸಿಯೂಟ ಕಾರ್ಯಕರ್ತೆಯರ ಗೌರವಧನ 1 ಸಾವಿರ ಹೆಚ್ಚಳ
ಶಾಲೆಗಳಲ್ಲಿ ಮಧ್ಯಾಹ್ನದ ಬಿಸಿಯೂಟ ತಯಾರಿಸುವ ಅಡುಗೆ ಕಾರ್ಯಕರ್ತೆಯರ ಗೌರವಧನವನ್ನು 1 ಸಾವಿರ ರೂ. ಹೆಚ್ಚಳ ಮಾಡಲಾಗಿದೆ. ಬಿಸಿಯೂಟ ಯೋಜನೆಗೆ ಅಗತ್ಯ ಅನುದಾನ ಮೀಸಲಿರಿಸಲಾಗಿದೆ. ಅತಿಥಿ ಶಿಕ್ಷಕರ ಗೌರವಧನ 2 ಸಾವಿರ ರೂ. ಹೆಚ್ಚಳ ಮಾಡಿದ್ದಾರೆ. ಅತಿಥಿ ಉಪನ್ಯಾಸಕರ ಗೌರವಧನವೂ ಹೆಚ್ಚಳವಾಗಿದ್ದು, ಸರ್ಕಾರಿ ಶಾಲೆಗಳ ಅಭಿವೃದ್ಧಿಗೆ 1,500 ರೂ. ಕೋಟಿ ಅನುದಾನ ನೀಡಲಾಗಿದೆ.
